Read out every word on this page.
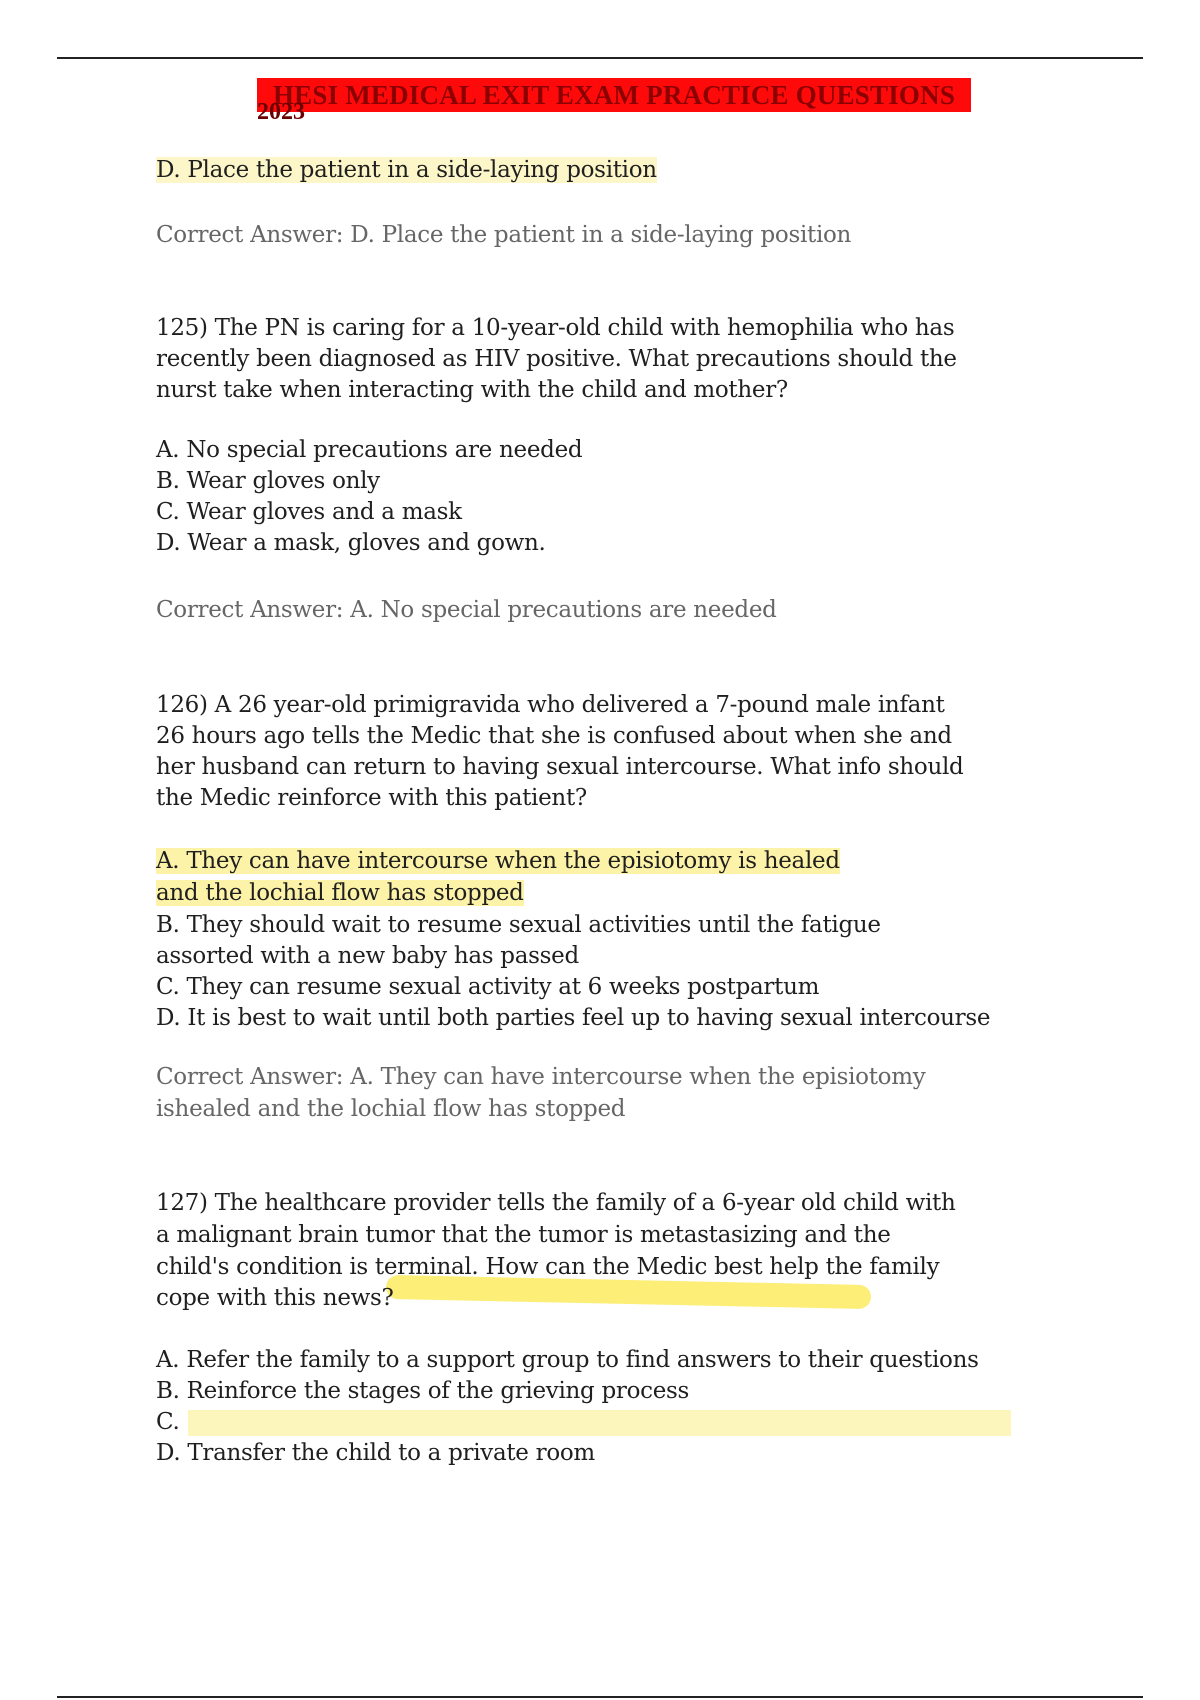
HESI MEDICAL EXIT EXAM PRACTICE QUESTIONS
2023
D. Place the patient in a side-laying position
Correct Answer: D. Place the patient in a side-laying position
125) The PN is caring for a 10-year-old child with hemophilia who has
recently been diagnosed as HIV positive. What precautions should the
nurst take when interacting with the child and mother?
A. No special precautions are needed
B. Wear gloves only
C. Wear gloves and a mask
D. Wear a mask, gloves and gown.
Correct Answer: A. No special precautions are needed
126) A 26 year-old primigravida who delivered a 7-pound male infant
26 hours ago tells the Medic that she is confused about when she and
her husband can return to having sexual intercourse. What info should
the Medic reinforce with this patient?
A. They can have intercourse when the episiotomy is healed
and the lochial flow has stopped
B. They should wait to resume sexual activities until the fatigue
assorted with a new baby has passed
C. They can resume sexual activity at 6 weeks postpartum
D. It is best to wait until both parties feel up to having sexual intercourse
Correct Answer: A. They can have intercourse when the episiotomy
ishealed and the lochial flow has stopped
127) The healthcare provider tells the family of a 6-year old child with
a malignant brain tumor that the tumor is metastasizing and the
child's condition is terminal. How can the Medic best help the family
cope with this news?
A. Refer the family to a support group to find answers to their questions
B. Reinforce the stages of the grieving process
C.
D. Transfer the child to a private room
